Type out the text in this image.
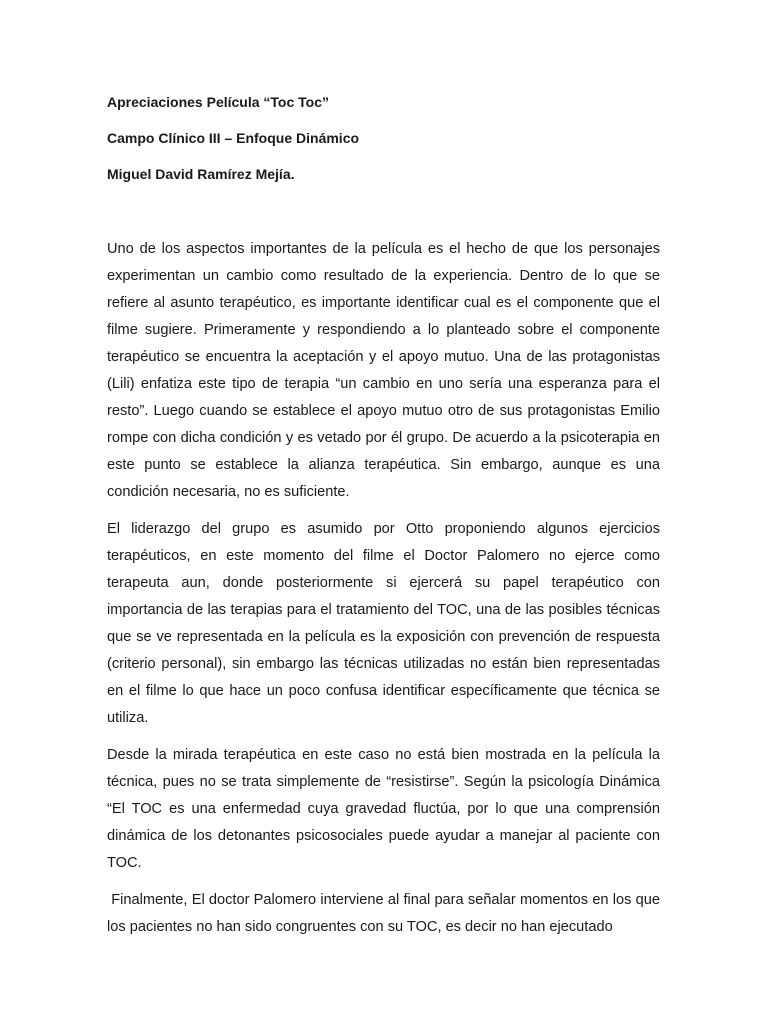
Apreciaciones Película “Toc Toc”

Campo Clínico III – Enfoque Dinámico

Miguel David Ramírez Mejía.

Uno de los aspectos importantes de la película es el hecho de que los personajes experimentan un cambio como resultado de la experiencia. Dentro de lo que se refiere al asunto terapéutico, es importante identificar cual es el componente que el filme sugiere. Primeramente y respondiendo a lo planteado sobre el componente terapéutico se encuentra la aceptación y el apoyo mutuo. Una de las protagonistas (Lili) enfatiza este tipo de terapia “un cambio en uno sería una esperanza para el resto”. Luego cuando se establece el apoyo mutuo otro de sus protagonistas Emilio rompe con dicha condición y es vetado por él grupo. De acuerdo a la psicoterapia en este punto se establece la alianza terapéutica. Sin embargo, aunque es una condición necesaria, no es suficiente.

El liderazgo del grupo es asumido por Otto proponiendo algunos ejercicios terapéuticos, en este momento del filme el Doctor Palomero no ejerce como terapeuta aun, donde posteriormente si ejercerá su papel terapéutico con importancia de las terapias para el tratamiento del TOC, una de las posibles técnicas que se ve representada en la película es la exposición con prevención de respuesta (criterio personal), sin embargo las técnicas utilizadas no están bien representadas en el filme lo que hace un poco confusa identificar específicamente que técnica se utiliza.

Desde la mirada terapéutica en este caso no está bien mostrada en la película la técnica, pues no se trata simplemente de “resistirse”. Según la psicología Dinámica “El TOC es una enfermedad cuya gravedad fluctúa, por lo que una comprensión dinámica de los detonantes psicosociales puede ayudar a manejar al paciente con TOC.

Finalmente, El doctor Palomero interviene al final para señalar momentos en los que los pacientes no han sido congruentes con su TOC, es decir no han ejecutado
